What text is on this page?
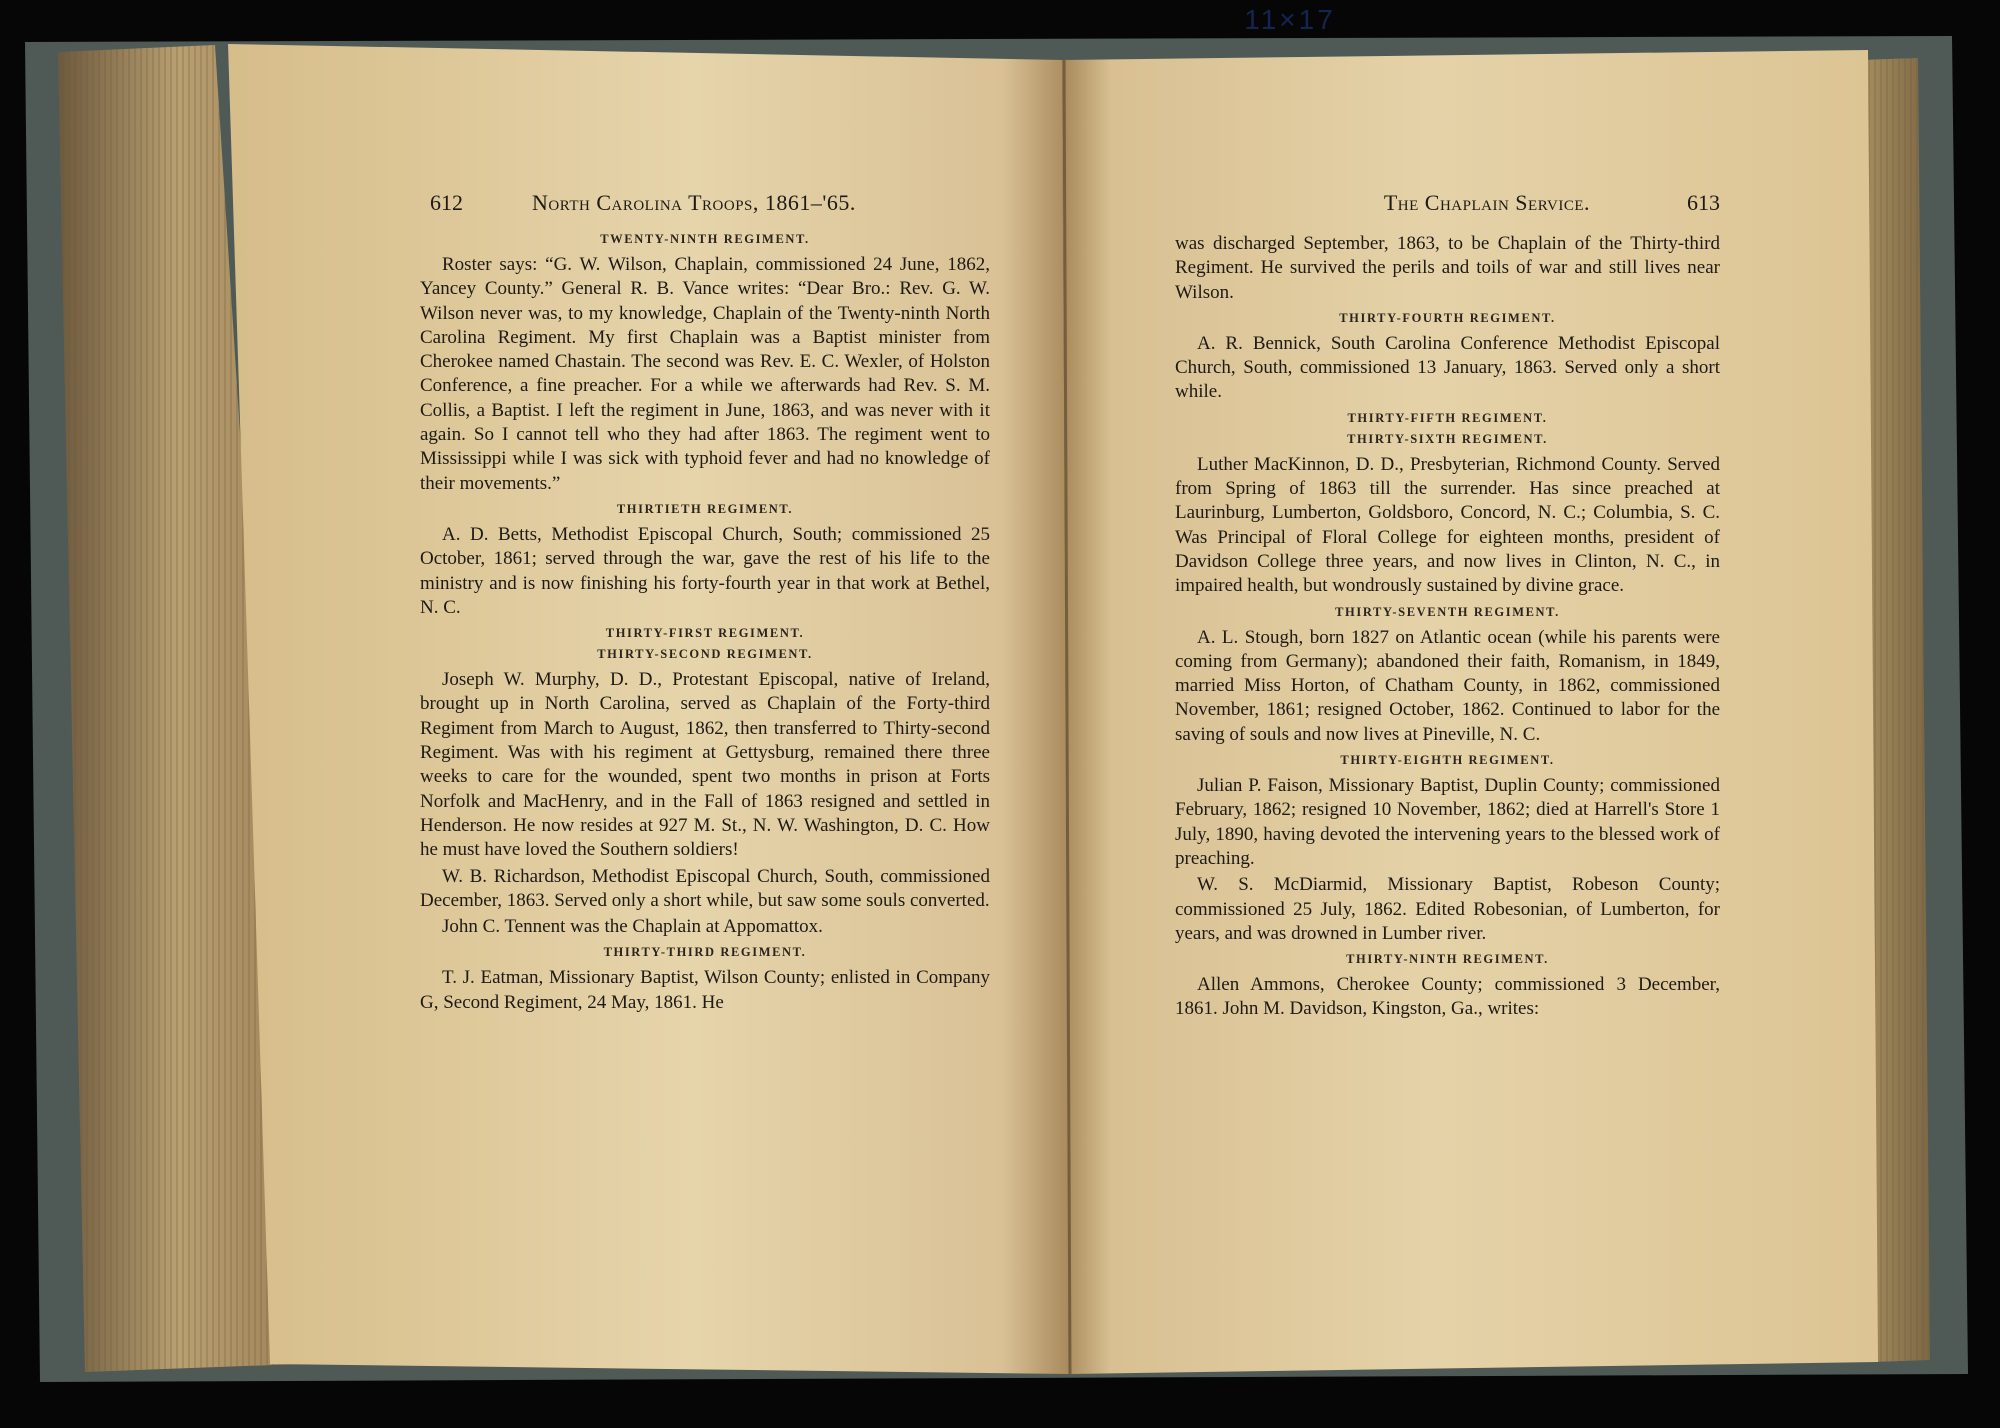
11×17
612	North Carolina Troops, 1861–'65.
TWENTY-NINTH REGIMENT.

Roster says: “G. W. Wilson, Chaplain, commissioned 24 June, 1862, Yancey County.” General R. B. Vance writes: “Dear Bro.: Rev. G. W. Wilson never was, to my knowledge, Chaplain of the Twenty-ninth North Carolina Regiment. My first Chaplain was a Baptist minister from Cherokee named Chastain. The second was Rev. E. C. Wexler, of Holston Conference, a fine preacher. For a while we afterwards had Rev. S. M. Collis, a Baptist. I left the regiment in June, 1863, and was never with it again. So I cannot tell who they had after 1863. The regiment went to Mississippi while I was sick with typhoid fever and had no knowledge of their movements.”

THIRTIETH REGIMENT.

A. D. Betts, Methodist Episcopal Church, South; commissioned 25 October, 1861; served through the war, gave the rest of his life to the ministry and is now finishing his forty-fourth year in that work at Bethel, N. C.

THIRTY-FIRST REGIMENT.
THIRTY-SECOND REGIMENT.

Joseph W. Murphy, D. D., Protestant Episcopal, native of Ireland, brought up in North Carolina, served as Chaplain of the Forty-third Regiment from March to August, 1862, then transferred to Thirty-second Regiment. Was with his regiment at Gettysburg, remained there three weeks to care for the wounded, spent two months in prison at Forts Norfolk and MacHenry, and in the Fall of 1863 resigned and settled in Henderson. He now resides at 927 M. St., N. W. Washington, D. C. How he must have loved the Southern soldiers!

W. B. Richardson, Methodist Episcopal Church, South, commissioned December, 1863. Served only a short while, but saw some souls converted.

John C. Tennent was the Chaplain at Appomattox.

THIRTY-THIRD REGIMENT.

T. J. Eatman, Missionary Baptist, Wilson County; enlisted in Company G, Second Regiment, 24 May, 1861. He

The Chaplain Service.	613

was discharged September, 1863, to be Chaplain of the Thirty-third Regiment. He survived the perils and toils of war and still lives near Wilson.

THIRTY-FOURTH REGIMENT.

A. R. Bennick, South Carolina Conference Methodist Episcopal Church, South, commissioned 13 January, 1863. Served only a short while.

THIRTY-FIFTH REGIMENT.
THIRTY-SIXTH REGIMENT.

Luther MacKinnon, D. D., Presbyterian, Richmond County. Served from Spring of 1863 till the surrender. Has since preached at Laurinburg, Lumberton, Goldsboro, Concord, N. C.; Columbia, S. C. Was Principal of Floral College for eighteen months, president of Davidson College three years, and now lives in Clinton, N. C., in impaired health, but wondrously sustained by divine grace.

THIRTY-SEVENTH REGIMENT.

A. L. Stough, born 1827 on Atlantic ocean (while his parents were coming from Germany); abandoned their faith, Romanism, in 1849, married Miss Horton, of Chatham County, in 1862, commissioned November, 1861; resigned October, 1862. Continued to labor for the saving of souls and now lives at Pineville, N. C.

THIRTY-EIGHTH REGIMENT.

Julian P. Faison, Missionary Baptist, Duplin County; commissioned February, 1862; resigned 10 November, 1862; died at Harrell's Store 1 July, 1890, having devoted the intervening years to the blessed work of preaching.

W. S. McDiarmid, Missionary Baptist, Robeson County; commissioned 25 July, 1862. Edited Robesonian, of Lumberton, for years, and was drowned in Lumber river.

THIRTY-NINTH REGIMENT.

Allen Ammons, Cherokee County; commissioned 3 December, 1861. John M. Davidson, Kingston, Ga., writes:
